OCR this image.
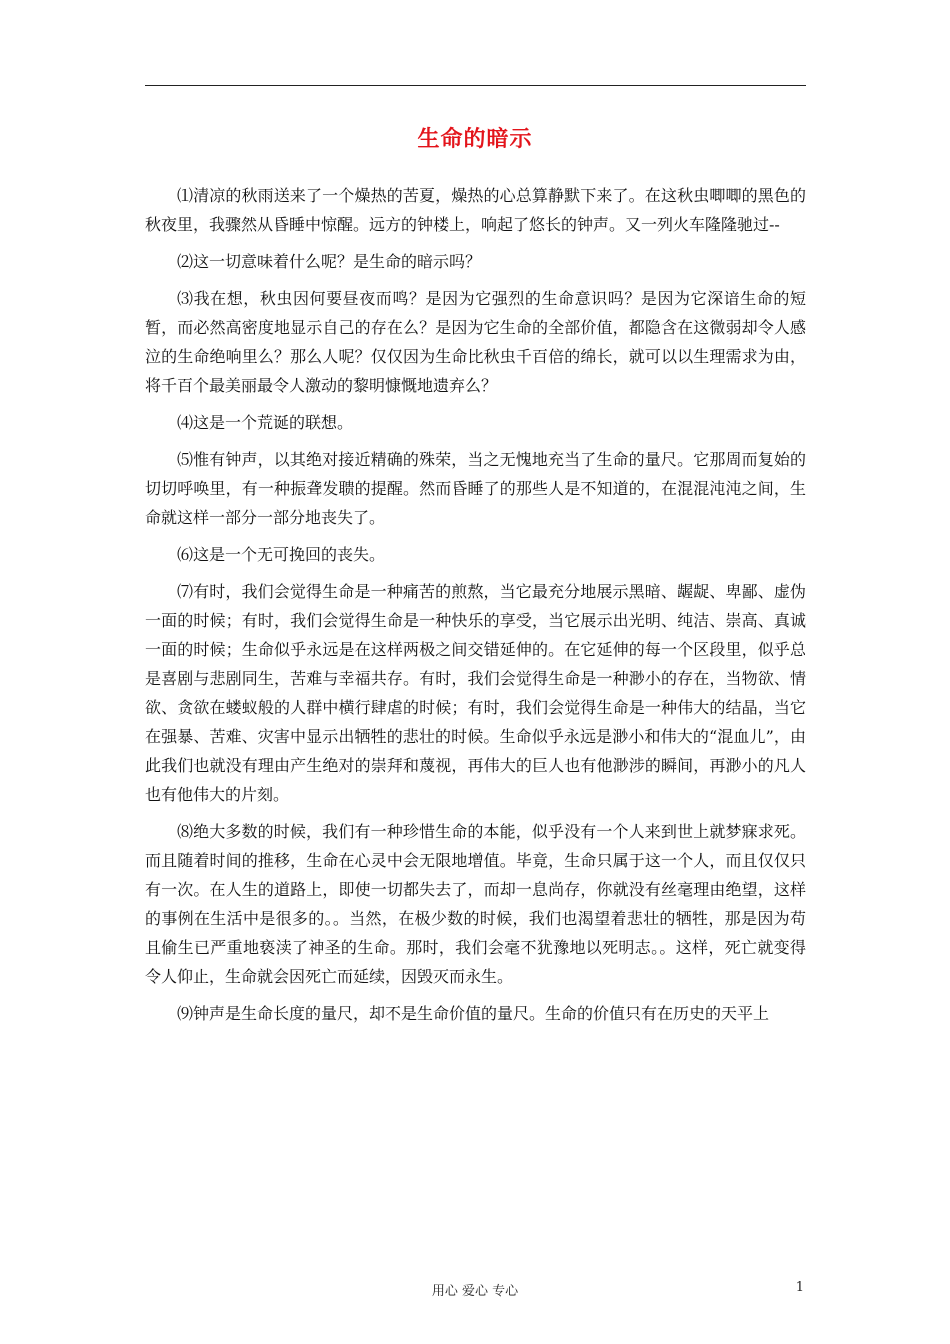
生命的暗示

⑴清凉的秋雨送来了一个燥热的苦夏，燥热的心总算静默下来了。在这秋虫唧唧的黑色的秋夜里，我骤然从昏睡中惊醒。远方的钟楼上，响起了悠长的钟声。又一列火车隆隆驰过--

⑵这一切意味着什么呢？是生命的暗示吗？

⑶我在想，秋虫因何要昼夜而鸣？是因为它强烈的生命意识吗？是因为它深谙生命的短暂，而必然高密度地显示自己的存在么？是因为它生命的全部价值，都隐含在这微弱却令人感泣的生命绝响里么？那么人呢？仅仅因为生命比秋虫千百倍的绵长，就可以以生理需求为由，将千百个最美丽最令人激动的黎明慷慨地遗弃么？

⑷这是一个荒诞的联想。

⑸惟有钟声，以其绝对接近精确的殊荣，当之无愧地充当了生命的量尺。它那周而复始的切切呼唤里，有一种振聋发聩的提醒。然而昏睡了的那些人是不知道的，在混混沌沌之间，生命就这样一部分一部分地丧失了。

⑹这是一个无可挽回的丧失。

⑺有时，我们会觉得生命是一种痛苦的煎熬，当它最充分地展示黑暗、龌龊、卑鄙、虚伪一面的时候；有时，我们会觉得生命是一种快乐的享受，当它展示出光明、纯洁、崇高、真诚一面的时候；生命似乎永远是在这样两极之间交错延伸的。在它延伸的每一个区段里，似乎总是喜剧与悲剧同生，苦难与幸福共存。有时，我们会觉得生命是一种渺小的存在，当物欲、情欲、贪欲在蝼蚁般的人群中横行肆虐的时候；有时，我们会觉得生命是一种伟大的结晶，当它在强暴、苦难、灾害中显示出牺牲的悲壮的时候。生命似乎永远是渺小和伟大的“混血儿”，由此我们也就没有理由产生绝对的崇拜和蔑视，再伟大的巨人也有他渺涉的瞬间，再渺小的凡人也有他伟大的片刻。

⑻绝大多数的时候，我们有一种珍惜生命的本能，似乎没有一个人来到世上就梦寐求死。而且随着时间的推移，生命在心灵中会无限地增值。毕竟，生命只属于这一个人，而且仅仅只有一次。在人生的道路上，即使一切都失去了，而却一息尚存，你就没有丝毫理由绝望，这样的事例在生活中是很多的。。当然，在极少数的时候，我们也渴望着悲壮的牺牲，那是因为苟且偷生已严重地亵渎了神圣的生命。那时，我们会毫不犹豫地以死明志。。这样，死亡就变得令人仰止，生命就会因死亡而延续，因毁灭而永生。

⑼钟声是生命长度的量尺，却不是生命价值的量尺。生命的价值只有在历史的天平上

用心 爱心 专心	1
